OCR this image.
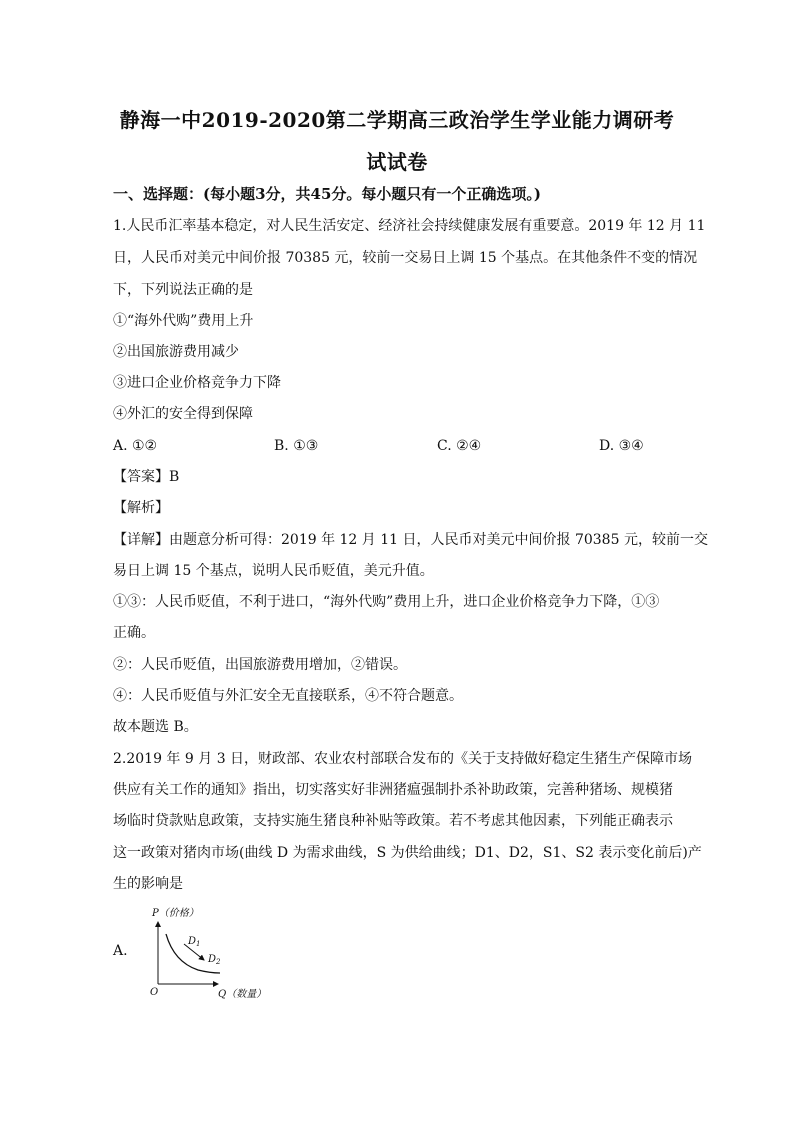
静海一中2019-2020第二学期高三政治学生学业能力调研考
试试卷
一、选择题：(每小题3分，共45分。每小题只有一个正确选项。)
1.人民币汇率基本稳定，对人民生活安定、经济社会持续健康发展有重要意。2019 年 12 月 11
日，人民币对美元中间价报 70385 元，较前一交易日上调 15 个基点。在其他条件不变的情况
下，下列说法正确的是
①“海外代购”费用上升
②出国旅游费用减少
③进口企业价格竞争力下降
④外汇的安全得到保障
A. ①②	B. ①③	C. ②④	D. ③④
【答案】B
【解析】
【详解】由题意分析可得：2019 年 12 月 11 日，人民币对美元中间价报 70385 元，较前一交
易日上调 15 个基点，说明人民币贬值，美元升值。
①③：人民币贬值，不利于进口，“海外代购”费用上升，进口企业价格竞争力下降，①③
正确。
②：人民币贬值，出国旅游费用增加，②错误。
④：人民币贬值与外汇安全无直接联系，④不符合题意。
故本题选 B。
2.2019 年 9 月 3 日，财政部、农业农村部联合发布的《关于支持做好稳定生猪生产保障市场
供应有关工作的通知》指出，切实落实好非洲猪瘟强制扑杀补助政策，完善种猪场、规模猪
场临时贷款贴息政策，支持实施生猪良种补贴等政策。若不考虑其他因素，下列能正确表示
这一政策对猪肉市场(曲线 D 为需求曲线，S 为供给曲线；D1、D2，S1、S2 表示变化前后)产
生的影响是
A.
P（价格）
Q（数量）
O
$D_1$
$D_2$
